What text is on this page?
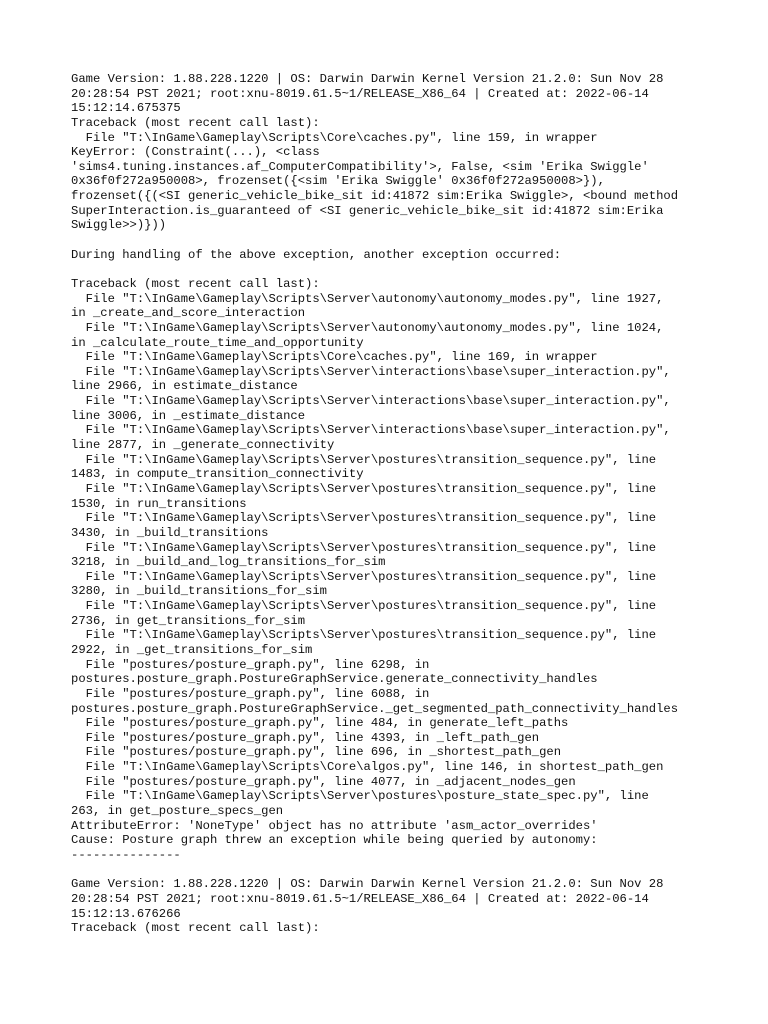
Game Version: 1.88.228.1220 | OS: Darwin Darwin Kernel Version 21.2.0: Sun Nov 28
20:28:54 PST 2021; root:xnu-8019.61.5~1/RELEASE_X86_64 | Created at: 2022-06-14
15:12:14.675375
Traceback (most recent call last):
File "T:\InGame\Gameplay\Scripts\Core\caches.py", line 159, in wrapper
KeyError: (Constraint(...), <class
'sims4.tuning.instances.af_ComputerCompatibility'>, False, <sim 'Erika Swiggle'
0x36f0f272a950008>, frozenset({<sim 'Erika Swiggle' 0x36f0f272a950008>}),
frozenset({(<SI generic_vehicle_bike_sit id:41872 sim:Erika Swiggle>, <bound method
SuperInteraction.is_guaranteed of <SI generic_vehicle_bike_sit id:41872 sim:Erika
Swiggle>>)}))
During handling of the above exception, another exception occurred:
Traceback (most recent call last):
File "T:\InGame\Gameplay\Scripts\Server\autonomy\autonomy_modes.py", line 1927,
in _create_and_score_interaction
File "T:\InGame\Gameplay\Scripts\Server\autonomy\autonomy_modes.py", line 1024,
in _calculate_route_time_and_opportunity
File "T:\InGame\Gameplay\Scripts\Core\caches.py", line 169, in wrapper
File "T:\InGame\Gameplay\Scripts\Server\interactions\base\super_interaction.py",
line 2966, in estimate_distance
File "T:\InGame\Gameplay\Scripts\Server\interactions\base\super_interaction.py",
line 3006, in _estimate_distance
File "T:\InGame\Gameplay\Scripts\Server\interactions\base\super_interaction.py",
line 2877, in _generate_connectivity
File "T:\InGame\Gameplay\Scripts\Server\postures\transition_sequence.py", line
1483, in compute_transition_connectivity
File "T:\InGame\Gameplay\Scripts\Server\postures\transition_sequence.py", line
1530, in run_transitions
File "T:\InGame\Gameplay\Scripts\Server\postures\transition_sequence.py", line
3430, in _build_transitions
File "T:\InGame\Gameplay\Scripts\Server\postures\transition_sequence.py", line
3218, in _build_and_log_transitions_for_sim
File "T:\InGame\Gameplay\Scripts\Server\postures\transition_sequence.py", line
3280, in _build_transitions_for_sim
File "T:\InGame\Gameplay\Scripts\Server\postures\transition_sequence.py", line
2736, in get_transitions_for_sim
File "T:\InGame\Gameplay\Scripts\Server\postures\transition_sequence.py", line
2922, in _get_transitions_for_sim
File "postures/posture_graph.py", line 6298, in
postures.posture_graph.PostureGraphService.generate_connectivity_handles
File "postures/posture_graph.py", line 6088, in
postures.posture_graph.PostureGraphService._get_segmented_path_connectivity_handles
File "postures/posture_graph.py", line 484, in generate_left_paths
File "postures/posture_graph.py", line 4393, in _left_path_gen
File "postures/posture_graph.py", line 696, in _shortest_path_gen
File "T:\InGame\Gameplay\Scripts\Core\algos.py", line 146, in shortest_path_gen
File "postures/posture_graph.py", line 4077, in _adjacent_nodes_gen
File "T:\InGame\Gameplay\Scripts\Server\postures\posture_state_spec.py", line
263, in get_posture_specs_gen
AttributeError: 'NoneType' object has no attribute 'asm_actor_overrides'
Cause: Posture graph threw an exception while being queried by autonomy:
---------------
Game Version: 1.88.228.1220 | OS: Darwin Darwin Kernel Version 21.2.0: Sun Nov 28
20:28:54 PST 2021; root:xnu-8019.61.5~1/RELEASE_X86_64 | Created at: 2022-06-14
15:12:13.676266
Traceback (most recent call last):
